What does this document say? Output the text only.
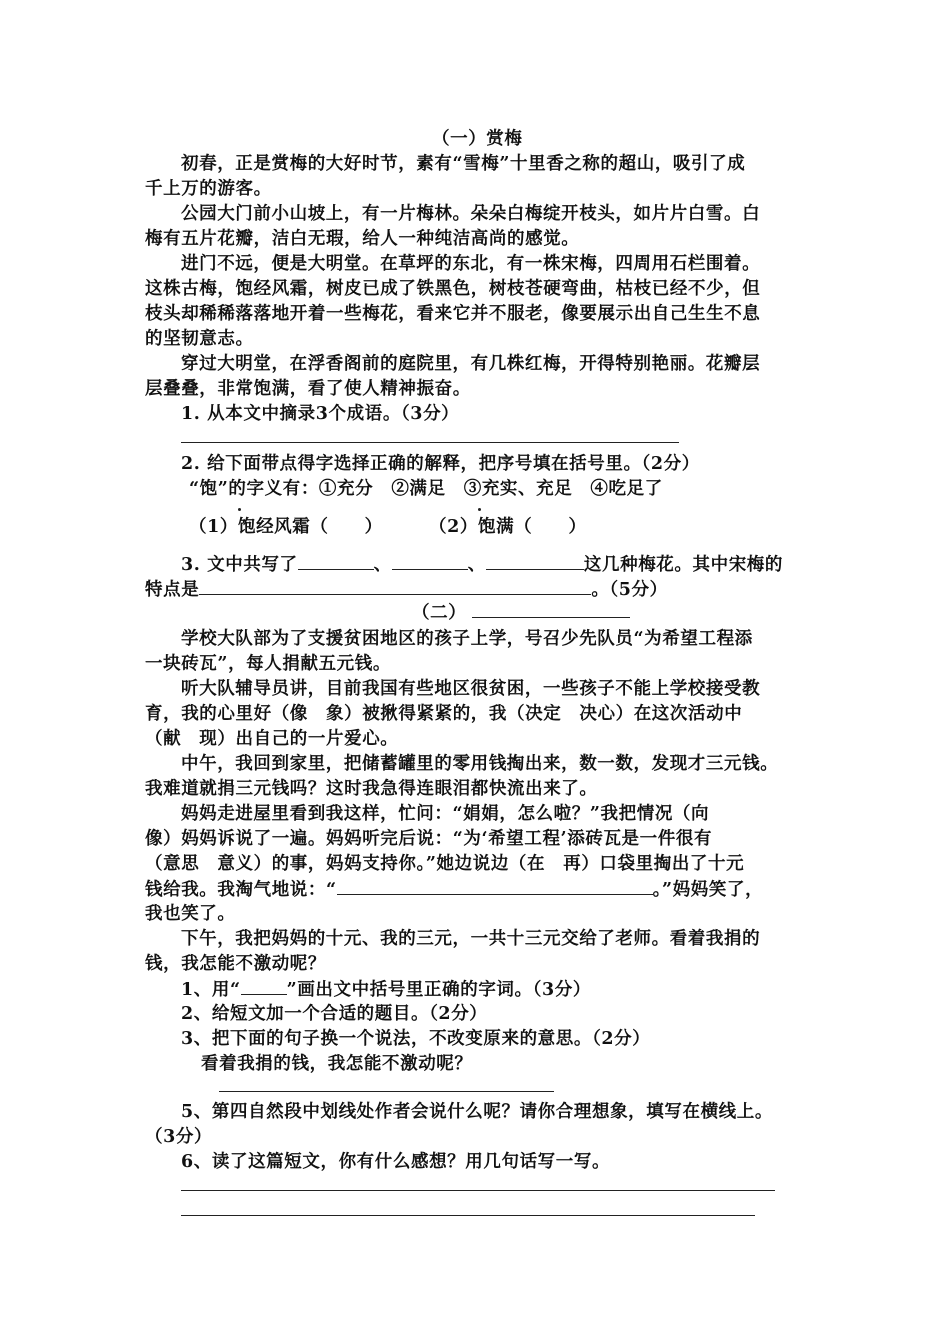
（一）赏梅
初春，正是赏梅的大好时节，素有“雪梅”十里香之称的超山，吸引了成
千上万的游客。
公园大门前小山坡上，有一片梅林。朵朵白梅绽开枝头，如片片白雪。白
梅有五片花瓣，洁白无瑕，给人一种纯洁高尚的感觉。
进门不远，便是大明堂。在草坪的东北，有一株宋梅，四周用石栏围着。
这株古梅，饱经风霜，树皮已成了铁黑色，树枝苍硬弯曲，枯枝已经不少，但
枝头却稀稀落落地开着一些梅花，看来它并不服老，像要展示出自己生生不息
的坚韧意志。
穿过大明堂，在浮香阁前的庭院里，有几株红梅，开得特别艳丽。花瓣层
层叠叠，非常饱满，看了使人精神振奋。
1. 从本文中摘录3个成语。（3分）
2. 给下面带点得字选择正确的解释，把序号填在括号里。（2分）
“饱”的字义有：①充分　②满足　③充实、充足　④吃足了
（1）饱经风霜（　　）	（2）饱满（　　）
3. 文中共写了	、	、	这几种梅花。其中宋梅的
特点是	。（5分）
（二）
学校大队部为了支援贫困地区的孩子上学，号召少先队员“为希望工程添
一块砖瓦”，每人捐献五元钱。
听大队辅导员讲，目前我国有些地区很贫困，一些孩子不能上学校接受教
育，我的心里好（像　象）被揪得紧紧的，我（决定　决心）在这次活动中
（献　现）出自己的一片爱心。
中午，我回到家里，把储蓄罐里的零用钱掏出来，数一数，发现才三元钱。
我难道就捐三元钱吗？这时我急得连眼泪都快流出来了。
妈妈走进屋里看到我这样，忙问：“娟娟，怎么啦？”我把情况（向
像）妈妈诉说了一遍。妈妈听完后说：“为‘希望工程’添砖瓦是一件很有
（意思　意义）的事，妈妈支持你。”她边说边（在　再）口袋里掏出了十元
钱给我。我淘气地说：“	。”妈妈笑了，
我也笑了。
下午，我把妈妈的十元、我的三元，一共十三元交给了老师。看着我捐的
钱，我怎能不激动呢？
1、用“	”画出文中括号里正确的字词。（3分）
2、给短文加一个合适的题目。（2分）
3、把下面的句子换一个说法，不改变原来的意思。（2分）
看着我捐的钱，我怎能不激动呢？
5、第四自然段中划线处作者会说什么呢？请你合理想象，填写在横线上。
（3分）
6、读了这篇短文，你有什么感想？用几句话写一写。
